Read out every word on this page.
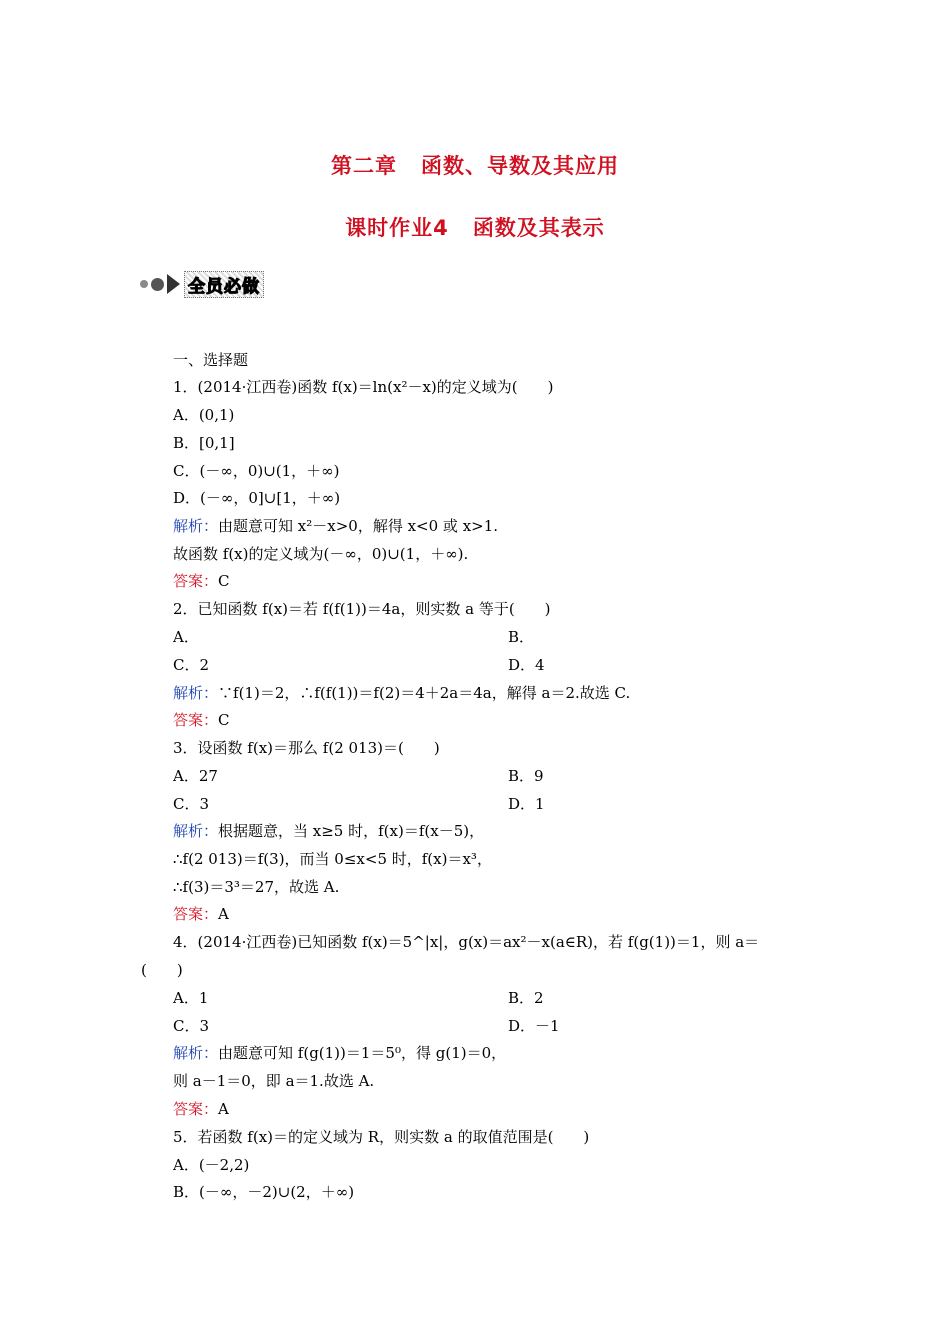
第二章 函数、导数及其应用
课时作业4 函数及其表示
全员必做
一、选择题
1．(2014·江西卷)函数 f(x)＝ln(x²－x)的定义域为(　　)
A．(0,1)
B．[0,1]
C．(－∞，0)∪(1，＋∞)
D．(－∞，0]∪[1，＋∞)
解析：由题意可知 x²－x>0，解得 x<0 或 x>1.
故函数 f(x)的定义域为(－∞，0)∪(1，＋∞).
答案：C
2．已知函数 f(x)＝若 f(f(1))＝4a，则实数 a 等于(　　)
A．	B．
C．2	D．4
解析：∵f(1)＝2，∴f(f(1))＝f(2)＝4＋2a＝4a，解得 a＝2.故选 C.
答案：C
3．设函数 f(x)＝那么 f(2 013)＝(　　)
A．27	B．9
C．3	D．1
解析：根据题意，当 x≥5 时，f(x)＝f(x－5)，
∴f(2 013)＝f(3)，而当 0≤x<5 时，f(x)＝x³，
∴f(3)＝3³＝27，故选 A.
答案：A
4．(2014·江西卷)已知函数 f(x)＝5^|x|，g(x)＝ax²－x(a∈R)，若 f(g(1))＝1，则 a＝
(　　)
A．1	B．2
C．3	D．－1
解析：由题意可知 f(g(1))＝1＝5⁰，得 g(1)＝0，
则 a－1＝0，即 a＝1.故选 A.
答案：A
5．若函数 f(x)＝的定义域为 R，则实数 a 的取值范围是(　　)
A．(－2,2)
B．(－∞，－2)∪(2，＋∞)
